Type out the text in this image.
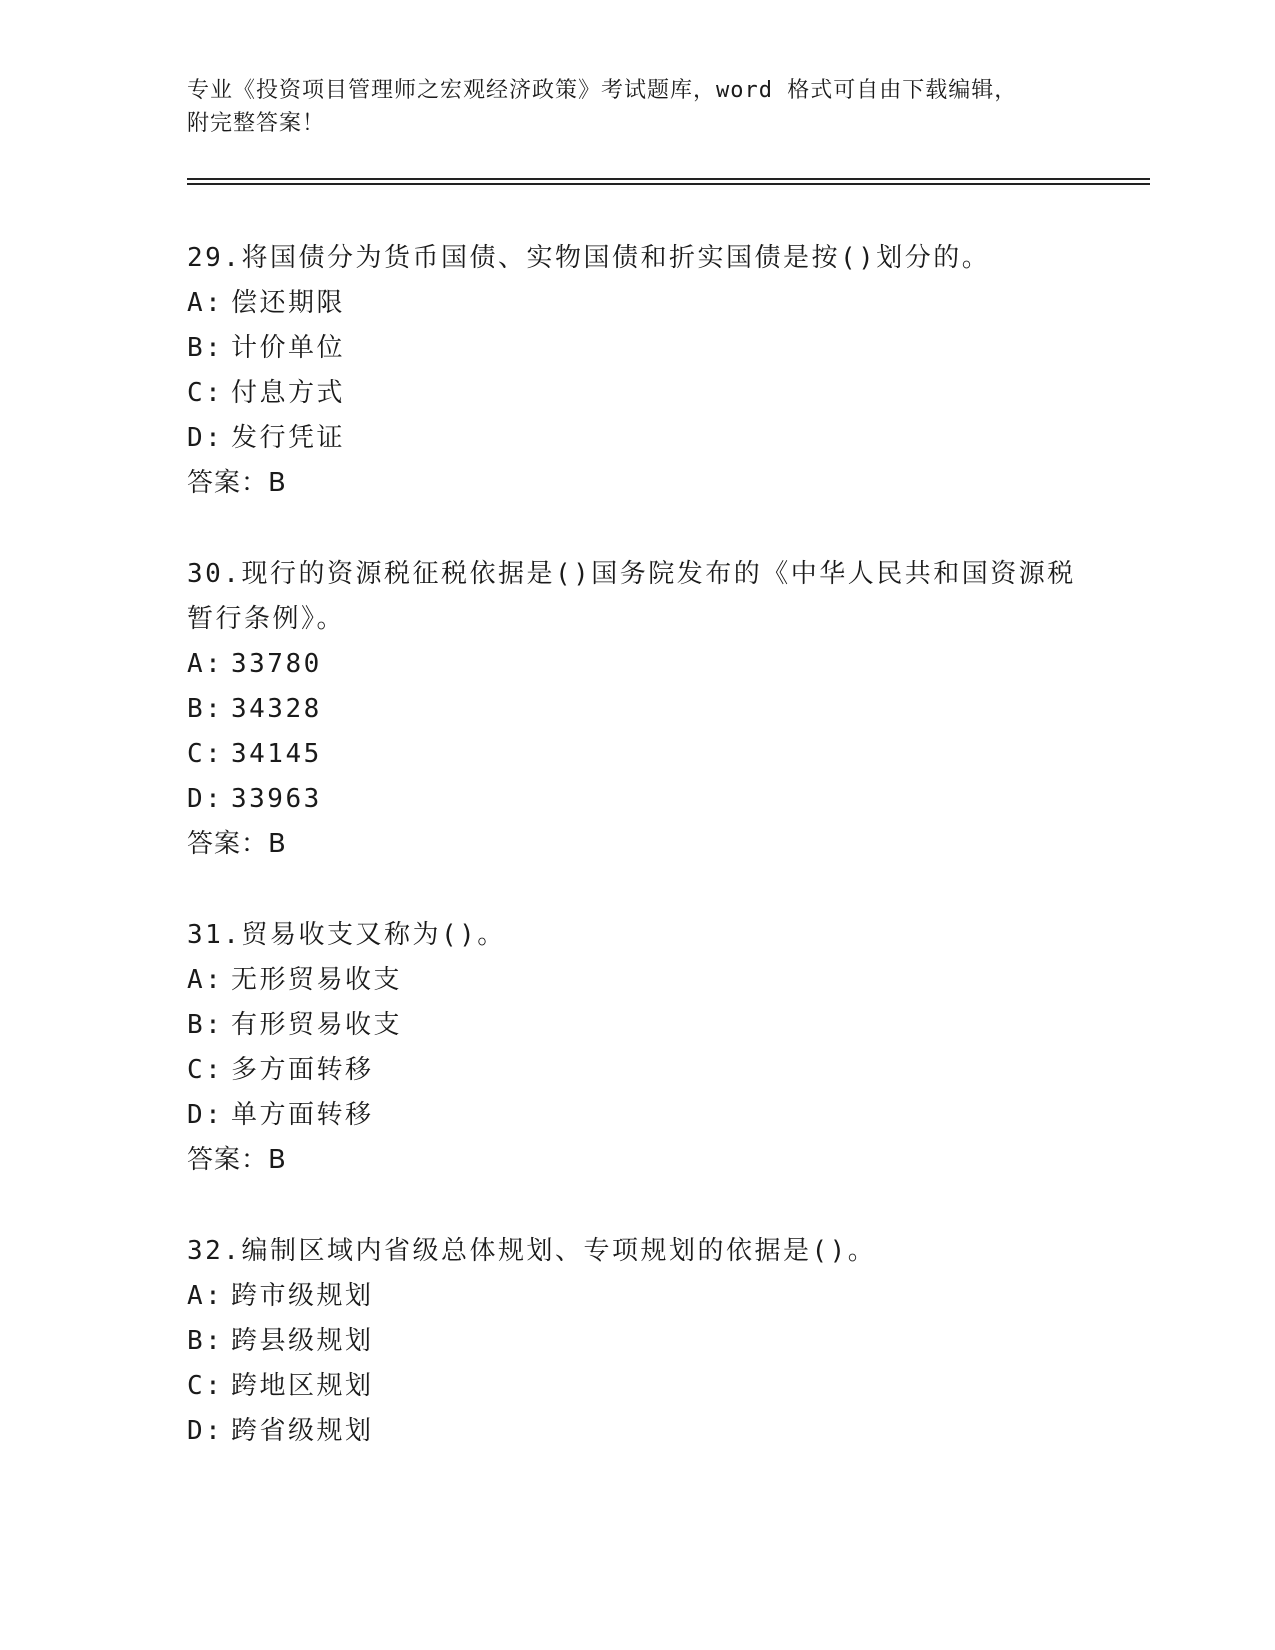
专业《投资项目管理师之宏观经济政策》考试题库，word 格式可自由下载编辑，
附完整答案！
29.将国债分为货币国债、实物国债和折实国债是按()划分的。
A: 偿还期限
B: 计价单位
C: 付息方式
D: 发行凭证
答案：B
30.现行的资源税征税依据是()国务院发布的《中华人民共和国资源税
暂行条例》。
A: 33780
B: 34328
C: 34145
D: 33963
答案：B
31.贸易收支又称为()。
A: 无形贸易收支
B: 有形贸易收支
C: 多方面转移
D: 单方面转移
答案：B
32.编制区域内省级总体规划、专项规划的依据是()。
A: 跨市级规划
B: 跨县级规划
C: 跨地区规划
D: 跨省级规划
